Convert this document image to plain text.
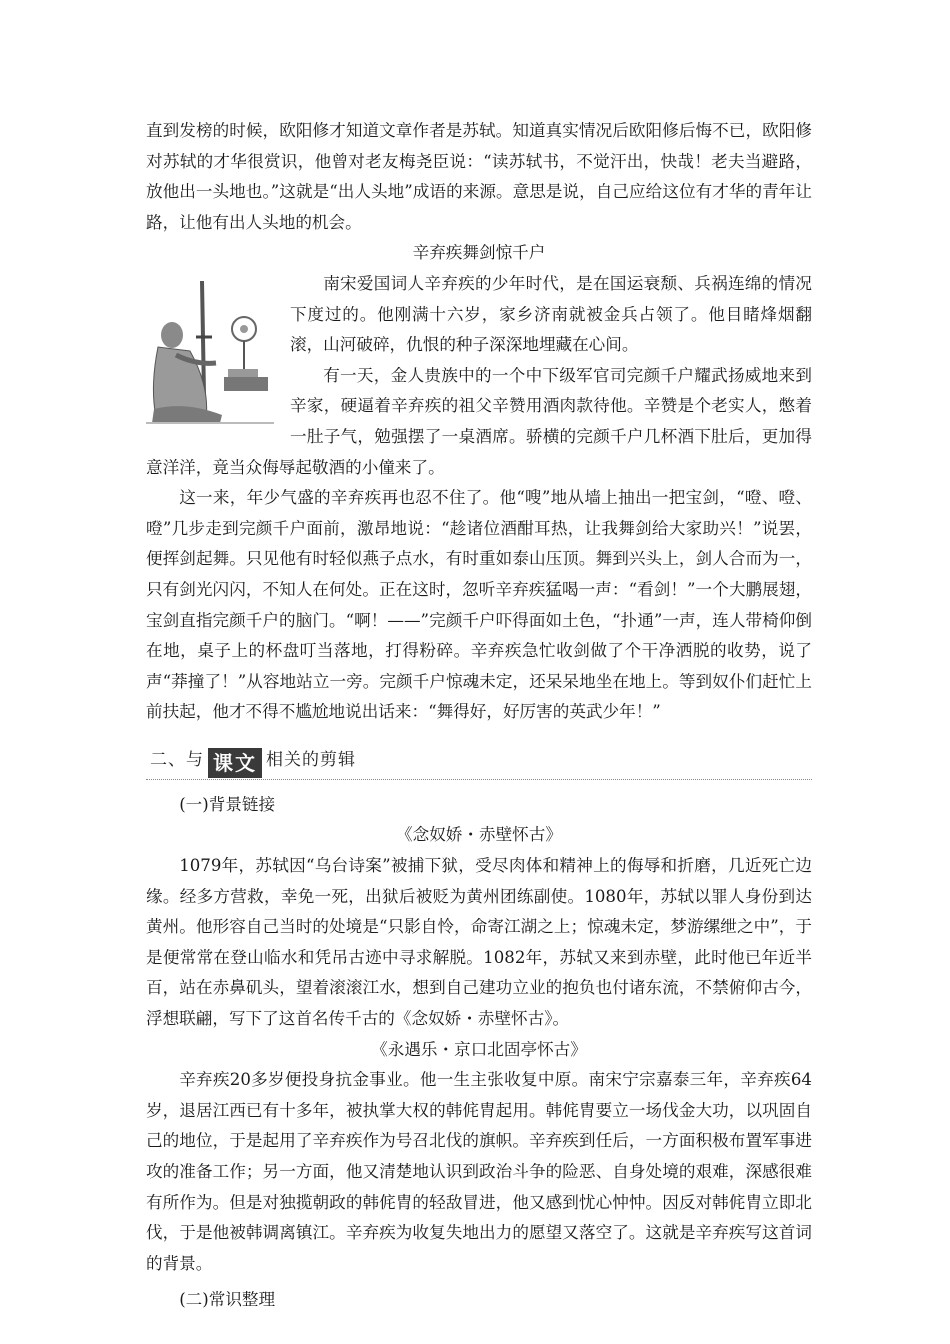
直到发榜的时候，欧阳修才知道文章作者是苏轼。知道真实情况后欧阳修后悔不已，欧阳修对苏轼的才华很赏识，他曾对老友梅尧臣说：“读苏轼书，不觉汗出，快哉！老夫当避路，放他出一头地也。”这就是“出人头地”成语的来源。意思是说，自己应给这位有才华的青年让路，让他有出人头地的机会。

辛弃疾舞剑惊千户

南宋爱国词人辛弃疾的少年时代，是在国运衰颓、兵祸连绵的情况下度过的。他刚满十六岁，家乡济南就被金兵占领了。他目睹烽烟翻滚，山河破碎，仇恨的种子深深地埋藏在心间。

有一天，金人贵族中的一个中下级军官司完颜千户耀武扬威地来到辛家，硬逼着辛弃疾的祖父辛赞用酒肉款待他。辛赞是个老实人，憋着一肚子气，勉强摆了一桌酒席。骄横的完颜千户几杯酒下肚后，更加得意洋洋，竟当众侮辱起敬酒的小僮来了。

这一来，年少气盛的辛弃疾再也忍不住了。他“嗖”地从墙上抽出一把宝剑，“噔、噔、噔”几步走到完颜千户面前，激昂地说：“趁诸位酒酣耳热，让我舞剑给大家助兴！”说罢，便挥剑起舞。只见他有时轻似燕子点水，有时重如泰山压顶。舞到兴头上，剑人合而为一，只有剑光闪闪，不知人在何处。正在这时，忽听辛弃疾猛喝一声：“看剑！”一个大鹏展翅，宝剑直指完颜千户的脑门。“啊！——”完颜千户吓得面如土色，“扑通”一声，连人带椅仰倒在地，桌子上的杯盘叮当落地，打得粉碎。辛弃疾急忙收剑做了个干净洒脱的收势，说了声“莽撞了！”从容地站立一旁。完颜千户惊魂未定，还呆呆地坐在地上。等到奴仆们赶忙上前扶起，他才不得不尴尬地说出话来：“舞得好，好厉害的英武少年！”

二、与 课文 相关的剪辑

(一)背景链接

《念奴娇・赤壁怀古》

1079年，苏轼因“乌台诗案”被捕下狱，受尽肉体和精神上的侮辱和折磨，几近死亡边缘。经多方营救，幸免一死，出狱后被贬为黄州团练副使。1080年，苏轼以罪人身份到达黄州。他形容自己当时的处境是“只影自怜，命寄江湖之上；惊魂未定，梦游缧绁之中”，于是便常常在登山临水和凭吊古迹中寻求解脱。1082年，苏轼又来到赤壁，此时他已年近半百，站在赤鼻矶头，望着滚滚江水，想到自己建功立业的抱负也付诸东流，不禁俯仰古今，浮想联翩，写下了这首名传千古的《念奴娇・赤壁怀古》。

《永遇乐・京口北固亭怀古》

辛弃疾20多岁便投身抗金事业。他一生主张收复中原。南宋宁宗嘉泰三年，辛弃疾64岁，退居江西已有十多年，被执掌大权的韩侂胄起用。韩侂胄要立一场伐金大功，以巩固自己的地位，于是起用了辛弃疾作为号召北伐的旗帜。辛弃疾到任后，一方面积极布置军事进攻的准备工作；另一方面，他又清楚地认识到政治斗争的险恶、自身处境的艰难，深感很难有所作为。但是对独揽朝政的韩侂胄的轻敌冒进，他又感到忧心忡忡。因反对韩侂胄立即北伐，于是他被韩调离镇江。辛弃疾为收复失地出力的愿望又落空了。这就是辛弃疾写这首词的背景。

(二)常识整理
